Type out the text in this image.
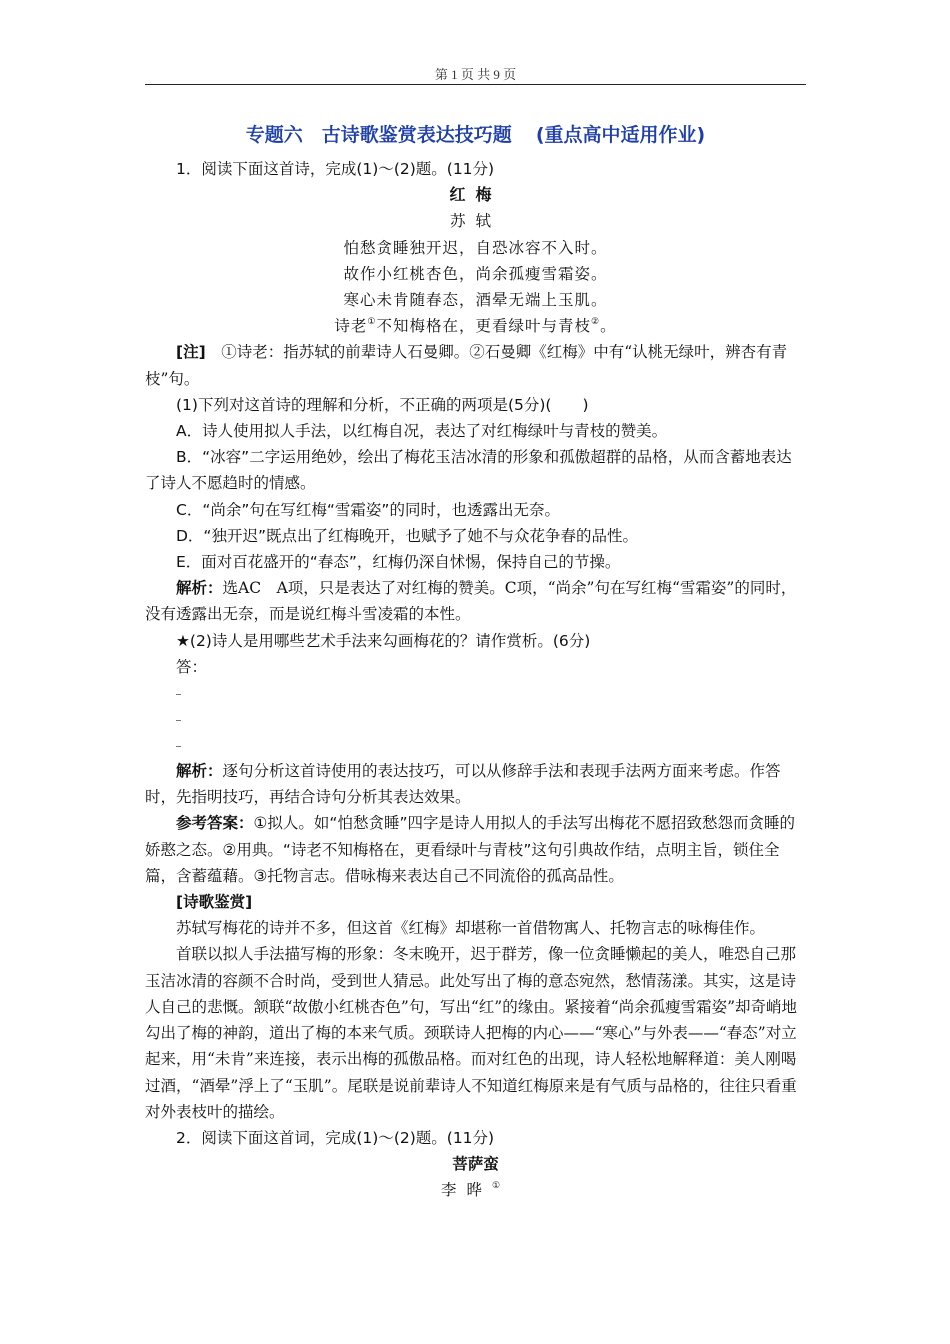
第 1 页 共 9 页
专题六　古诗歌鉴赏表达技巧题 (重点高中适用作业)

1．阅读下面这首诗，完成(1)～(2)题。(11分)

红梅

苏轼

怕愁贪睡独开迟，自恐冰容不入时。

故作小红桃杏色，尚余孤瘦雪霜姿。

寒心未肯随春态，酒晕无端上玉肌。

诗老①不知梅格在，更看绿叶与青枝②。

[注]　 ①诗老：指苏轼的前辈诗人石曼卿。②石曼卿《红梅》中有“认桃无绿叶，辨杏有青枝”句。

(1)下列对这首诗的理解和分析，不正确的两项是(5分)(　　)

A．诗人使用拟人手法，以红梅自况，表达了对红梅绿叶与青枝的赞美。

B．“冰容”二字运用绝妙，绘出了梅花玉洁冰清的形象和孤傲超群的品格，从而含蓄地表达了诗人不愿趋时的情感。

C．“尚余”句在写红梅“雪霜姿”的同时，也透露出无奈。

D．“独开迟”既点出了红梅晚开，也赋予了她不与众花争春的品性。

E．面对百花盛开的“春态”，红梅仍深自怵惕，保持自己的节操。

解析：选AC　A项，只是表达了对红梅的赞美。C项，“尚余”句在写红梅“雪霜姿”的同时，没有透露出无奈，而是说红梅斗雪凌霜的本性。

★(2)诗人是用哪些艺术手法来勾画梅花的？请作赏析。(6分)

答：

解析：逐句分析这首诗使用的表达技巧，可以从修辞手法和表现手法两方面来考虑。作答时，先指明技巧，再结合诗句分析其表达效果。

参考答案：①拟人。如“怕愁贪睡”四字是诗人用拟人的手法写出梅花不愿招致愁怨而贪睡的娇憨之态。②用典。“诗老不知梅格在，更看绿叶与青枝”这句引典故作结，点明主旨，锁住全篇，含蓄蕴藉。③托物言志。借咏梅来表达自己不同流俗的孤高品性。

[诗歌鉴赏]

苏轼写梅花的诗并不多，但这首《红梅》却堪称一首借物寓人、托物言志的咏梅佳作。

首联以拟人手法描写梅的形象：冬末晚开，迟于群芳，像一位贪睡懒起的美人，唯恐自己那玉洁冰清的容颜不合时尚，受到世人猜忌。此处写出了梅的意态宛然，愁情荡漾。其实，这是诗人自己的悲慨。颔联“故傲小红桃杏色”句，写出“红”的缘由。紧接着“尚余孤瘦雪霜姿”却奇峭地勾出了梅的神韵，道出了梅的本来气质。颈联诗人把梅的内心——“寒心”与外表——“春态”对立起来，用“未肯”来连接，表示出梅的孤傲品格。而对红色的出现，诗人轻松地解释道：美人刚喝过酒，“酒晕”浮上了“玉肌”。尾联是说前辈诗人不知道红梅原来是有气质与品格的，往往只看重对外表枝叶的描绘。

2．阅读下面这首词，完成(1)～(2)题。(11分)

菩萨蛮

李晔①
